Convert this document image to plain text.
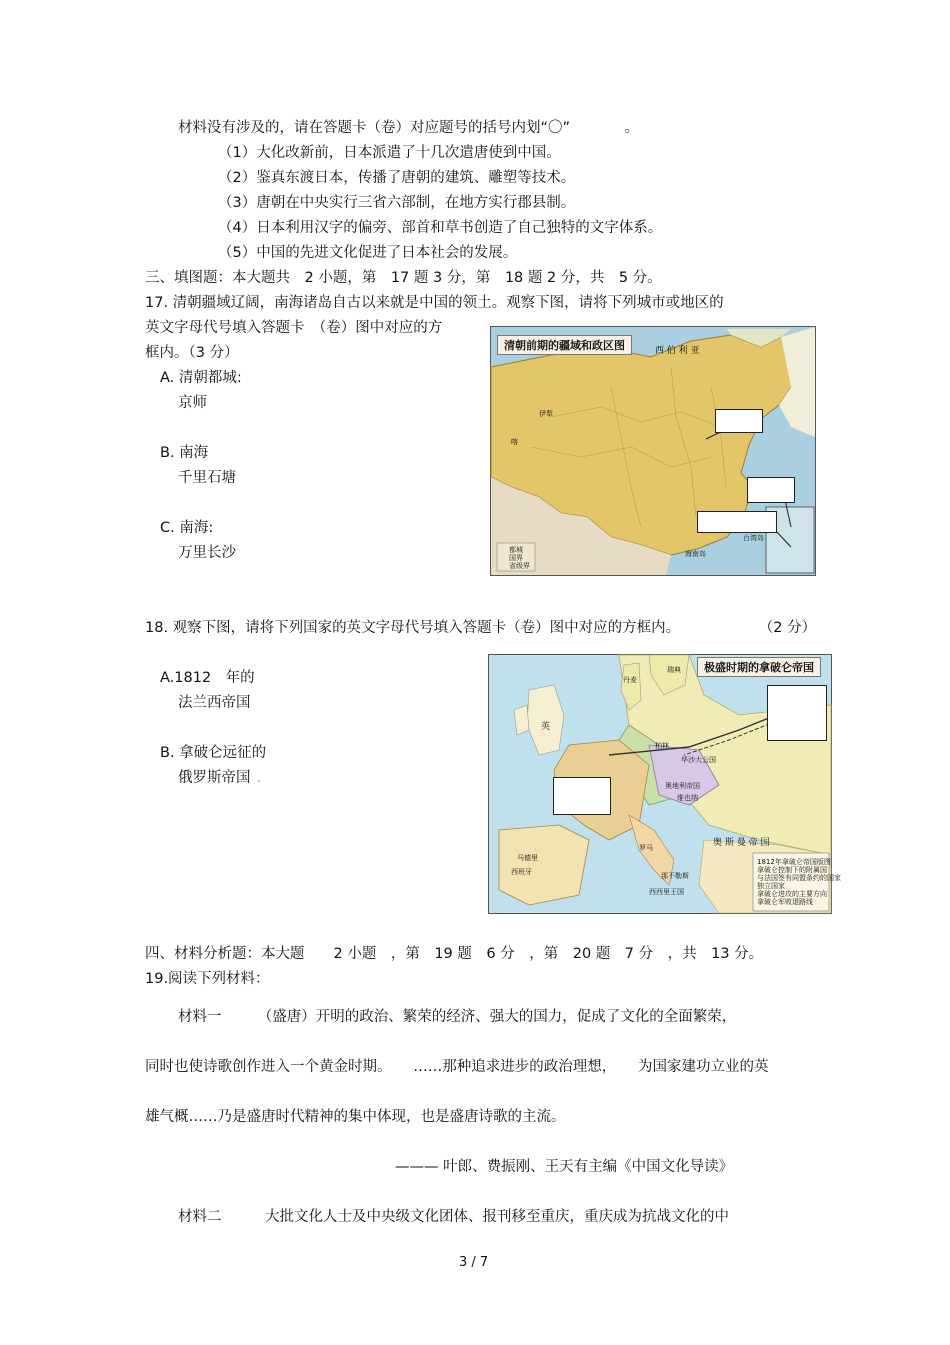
材料没有涉及的，请在答题卡（卷）对应题号的括号内划“〇”	。
（1）大化改新前，日本派遣了十几次遣唐使到中国。
（2）鉴真东渡日本，传播了唐朝的建筑、雕塑等技术。
（3）唐朝在中央实行三省六部制，在地方实行郡县制。
（4）日本利用汉字的偏旁、部首和草书创造了自己独特的文字体系。
（5）中国的先进文化促进了日本社会的发展。
三、填图题：本大题共　2 小题，第　17 题 3 分，第　18 题 2 分，共　5 分。
17. 清朝疆域辽阔，南海诸岛自古以来就是中国的领土。观察下图，请将下列城市或地区的
英文字母代号填入答题卡　（卷）图中对应的方
框内。（3 分）
A. 清朝都城:
京师
B. 南海
千里石塘
C. 南海:
万里长沙
清朝前期的疆域和政区图	西 伯 利 亚
伊犁
喀
台湾岛
海南岛
都城
国界
省级界
18. 观察下图，请将下列国家的英文字母代号填入答题卡（卷）图中对应的方框内。	（2 分）
A.1812　年的
法兰西帝国
B. 拿破仑远征的
俄罗斯帝国 .
极盛时期的拿破仑帝国
英
丹麦
瑞典
柏林
华沙大公国
奥地利帝国
维也纳
奥 斯 曼 帝 国
马德里
西班牙
罗马
西西里王国
那不勒斯
1812年拿破仑帝国版图
拿破仑控制下的附属国
与法国签有同盟条约的国家
独立国家
拿破仑进攻的主要方向
拿破仑军败退路线
四、材料分析题：本大题　　2 小题　，第　19 题　6 分　，第　20 题　7 分　，共　13 分。
19.阅读下列材料：
材料一　　　（盛唐）开明的政治、繁荣的经济、强大的国力，促成了文化的全面繁荣，
同时也使诗歌创作进入一个黄金时期。　　……那种追求进步的政治理想，　　为国家建功立业的英
雄气概……乃是盛唐时代精神的集中体现，也是盛唐诗歌的主流。
——— 叶郎、费振刚、王天有主编《中国文化导读》
材料二　　　大批文化人士及中央级文化团体、报刊移至重庆，重庆成为抗战文化的中
3 / 7
